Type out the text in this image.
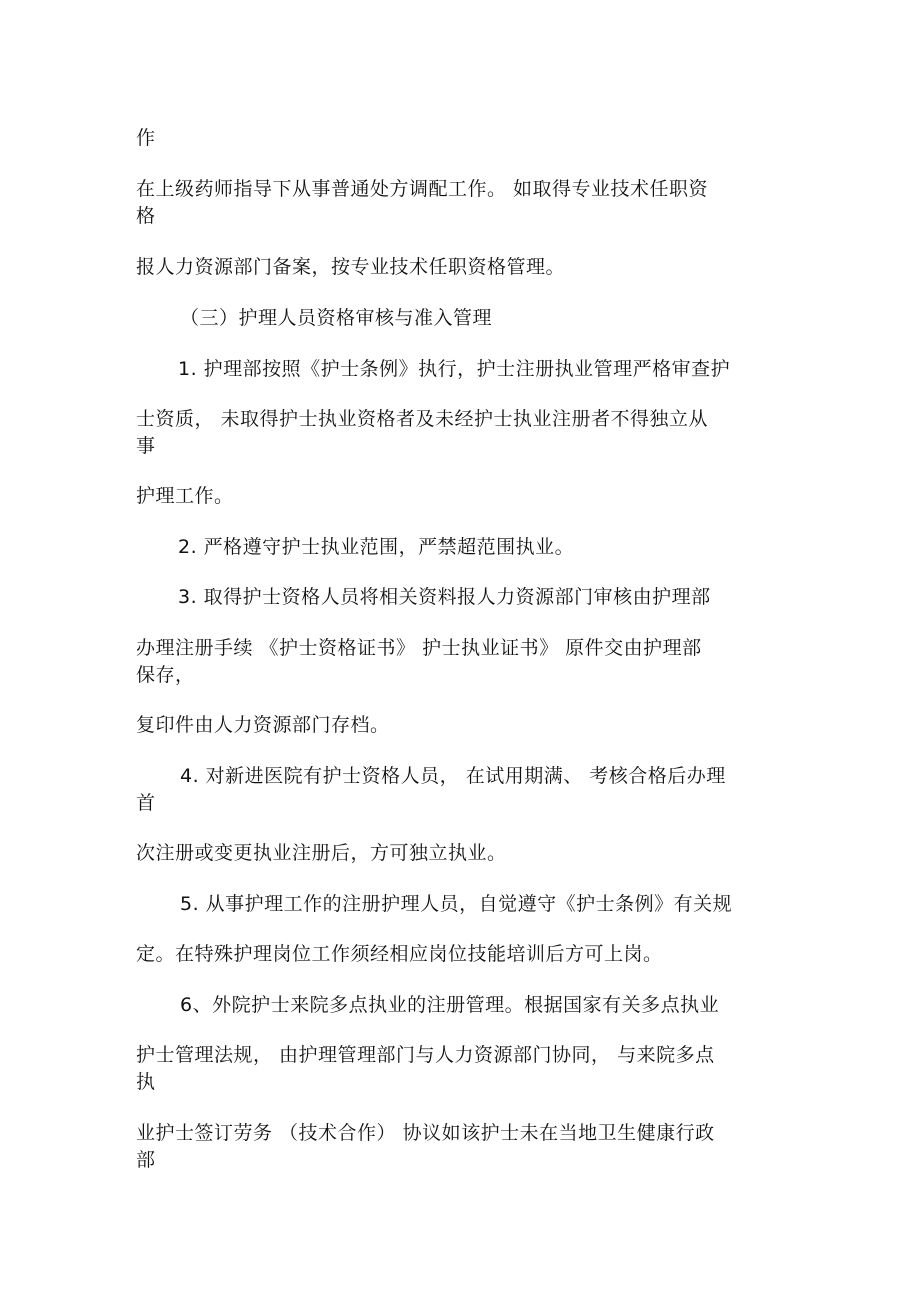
作
在上级药师指导下从事普通处方调配工作。 如取得专业技术任职资
格
报人力资源部门备案，按专业技术任职资格管理。
（三）护理人员资格审核与准入管理
1. 护理部按照《护士条例》执行，护士注册执业管理严格审查护
士资质， 未取得护士执业资格者及未经护士执业注册者不得独立从
事
护理工作。
2. 严格遵守护士执业范围，严禁超范围执业。
3. 取得护士资格人员将相关资料报人力资源部门审核由护理部
办理注册手续 《护士资格证书》 护士执业证书》 原件交由护理部
保存，
复印件由人力资源部门存档。
4. 对新进医院有护士资格人员， 在试用期满、 考核合格后办理
首
次注册或变更执业注册后，方可独立执业。
5. 从事护理工作的注册护理人员，自觉遵守《护士条例》有关规
定。在特殊护理岗位工作须经相应岗位技能培训后方可上岗。
6、外院护士来院多点执业的注册管理。根据国家有关多点执业
护士管理法规， 由护理管理部门与人力资源部门协同， 与来院多点
执
业护士签订劳务 （技术合作） 协议如该护士未在当地卫生健康行政
部
